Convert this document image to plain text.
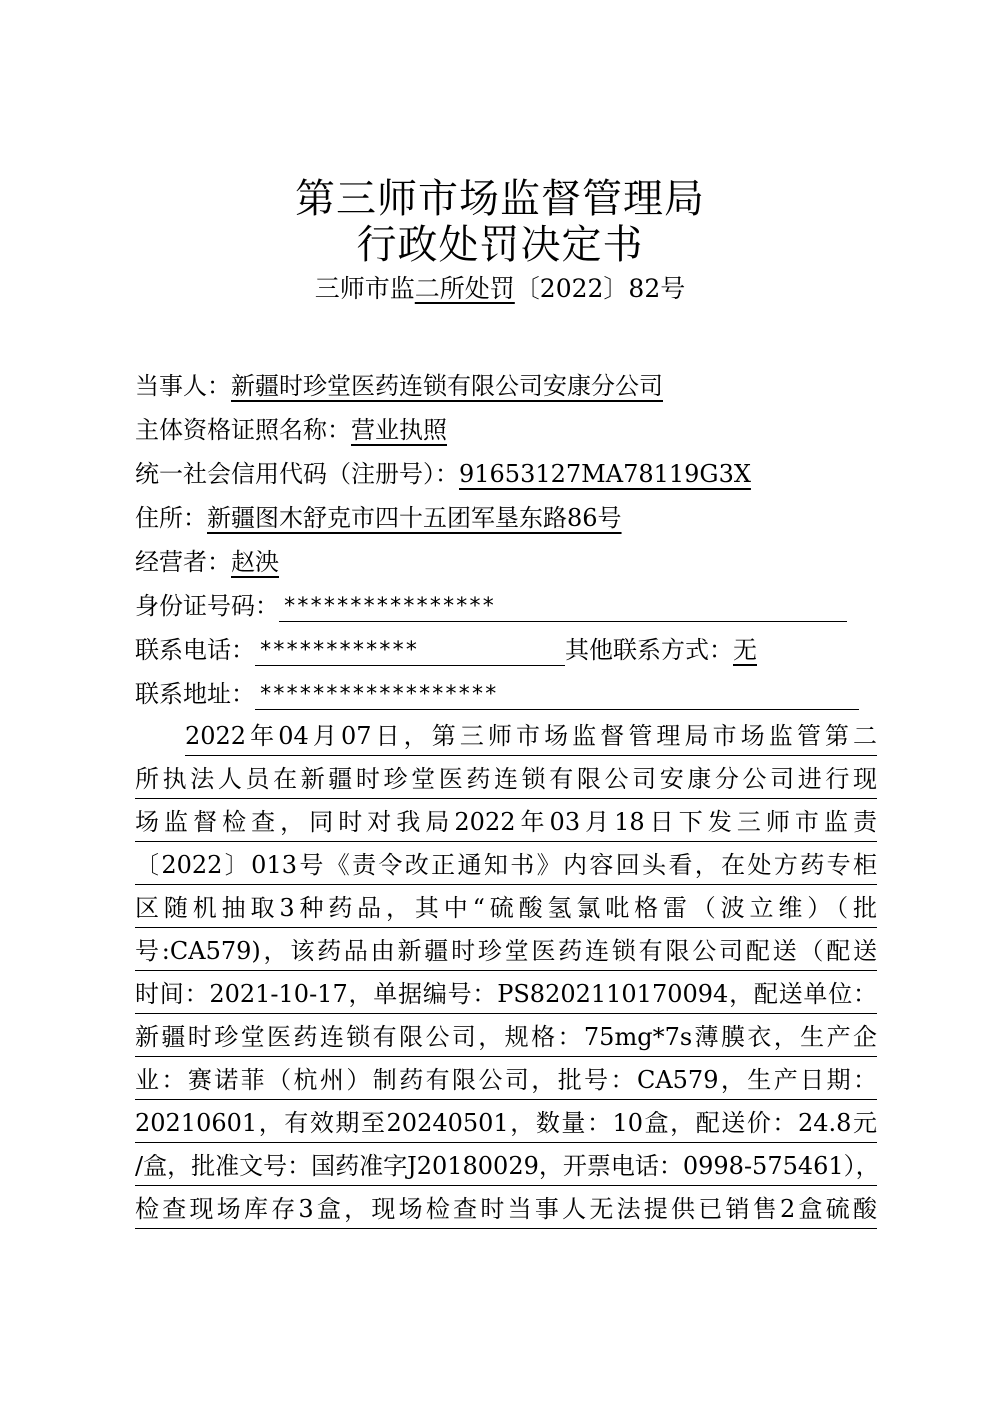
第三师市场监督管理局
行政处罚决定书
三师市监二所处罚〔2022〕82号
当事人：新疆时珍堂医药连锁有限公司安康分公司
主体资格证照名称：营业执照
统一社会信用代码（注册号）：91653127MA78119G3X
住所：新疆图木舒克市四十五团军垦东路86号
经营者：赵泱
身份证号码： ****************
联系电话： ************	其他联系方式：无
联系地址： ******************
2022年04月07日，第三师市场监督管理局市场监管第二
所执法人员在新疆时珍堂医药连锁有限公司安康分公司进行现
场监督检查，同时对我局2022年03月18日下发三师市监责
〔2022〕013号《责令改正通知书》内容回头看，在处方药专柜
区随机抽取3种药品，其中“硫酸氢氯吡格雷（波立维）（批
号:CA579)，该药品由新疆时珍堂医药连锁有限公司配送（配送
时间：2021-10-17，单据编号：PS8202110170094，配送单位：
新疆时珍堂医药连锁有限公司，规格：75mg*7s薄膜衣，生产企
业：赛诺菲（杭州）制药有限公司，批号：CA579，生产日期：
20210601，有效期至20240501，数量：10盒，配送价：24.8元
/盒，批准文号：国药准字J20180029，开票电话：0998-575461），
检查现场库存3盒，现场检查时当事人无法提供已销售2盒硫酸
